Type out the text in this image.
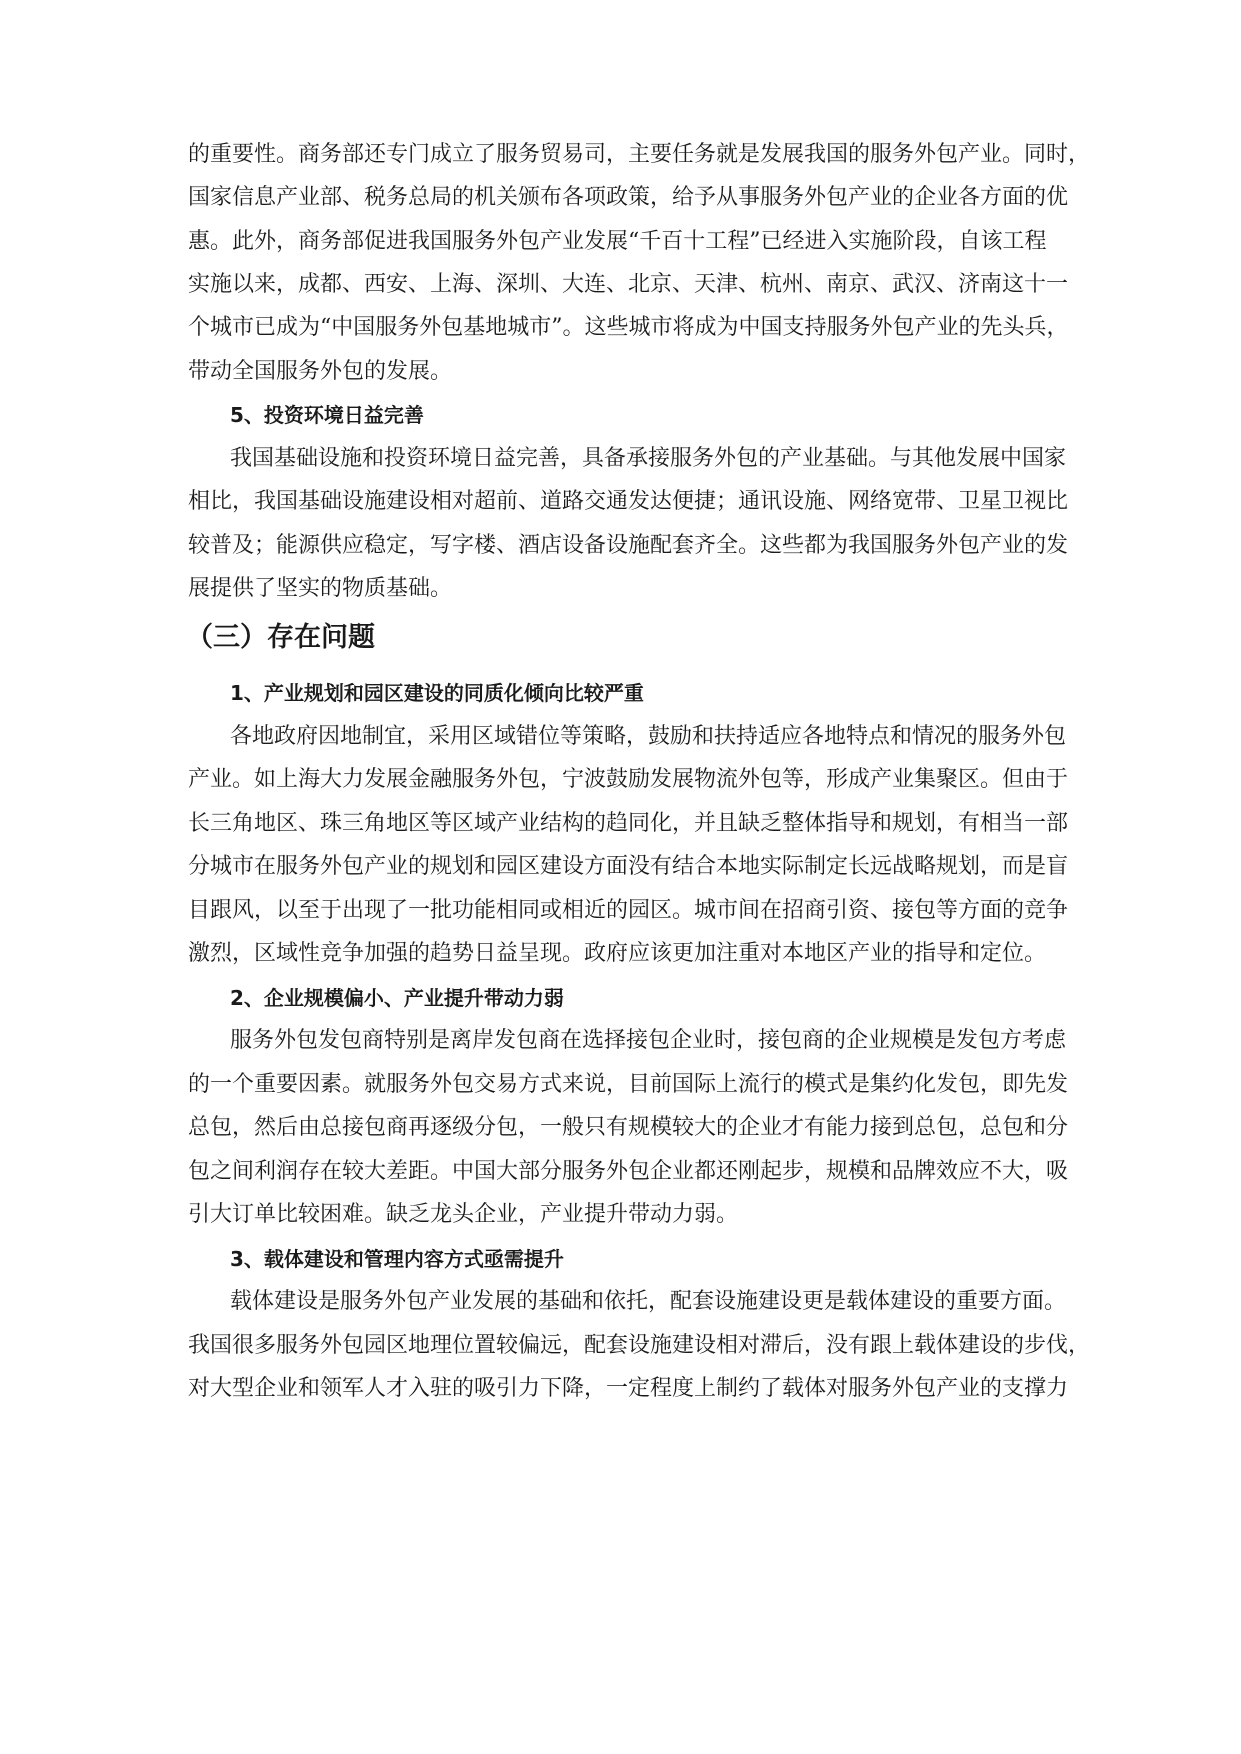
的重要性。商务部还专门成立了服务贸易司，主要任务就是发展我国的服务外包产业。同时，
国家信息产业部、税务总局的机关颁布各项政策，给予从事服务外包产业的企业各方面的优
惠。此外，商务部促进我国服务外包产业发展“千百十工程”已经进入实施阶段，自该工程
实施以来，成都、西安、上海、深圳、大连、北京、天津、杭州、南京、武汉、济南这十一
个城市已成为“中国服务外包基地城市”。这些城市将成为中国支持服务外包产业的先头兵，
带动全国服务外包的发展。
5、投资环境日益完善
我国基础设施和投资环境日益完善，具备承接服务外包的产业基础。与其他发展中国家
相比，我国基础设施建设相对超前、道路交通发达便捷；通讯设施、网络宽带、卫星卫视比
较普及；能源供应稳定，写字楼、酒店设备设施配套齐全。这些都为我国服务外包产业的发
展提供了坚实的物质基础。
（三）存在问题
1、产业规划和园区建设的同质化倾向比较严重
各地政府因地制宜，采用区域错位等策略，鼓励和扶持适应各地特点和情况的服务外包
产业。如上海大力发展金融服务外包，宁波鼓励发展物流外包等，形成产业集聚区。但由于
长三角地区、珠三角地区等区域产业结构的趋同化，并且缺乏整体指导和规划，有相当一部
分城市在服务外包产业的规划和园区建设方面没有结合本地实际制定长远战略规划，而是盲
目跟风，以至于出现了一批功能相同或相近的园区。城市间在招商引资、接包等方面的竞争
激烈，区域性竞争加强的趋势日益呈现。政府应该更加注重对本地区产业的指导和定位。
2、企业规模偏小、产业提升带动力弱
服务外包发包商特别是离岸发包商在选择接包企业时，接包商的企业规模是发包方考虑
的一个重要因素。就服务外包交易方式来说，目前国际上流行的模式是集约化发包，即先发
总包，然后由总接包商再逐级分包，一般只有规模较大的企业才有能力接到总包，总包和分
包之间利润存在较大差距。中国大部分服务外包企业都还刚起步，规模和品牌效应不大，吸
引大订单比较困难。缺乏龙头企业，产业提升带动力弱。
3、载体建设和管理内容方式亟需提升
载体建设是服务外包产业发展的基础和依托，配套设施建设更是载体建设的重要方面。
我国很多服务外包园区地理位置较偏远，配套设施建设相对滞后，没有跟上载体建设的步伐，
对大型企业和领军人才入驻的吸引力下降，一定程度上制约了载体对服务外包产业的支撑力
